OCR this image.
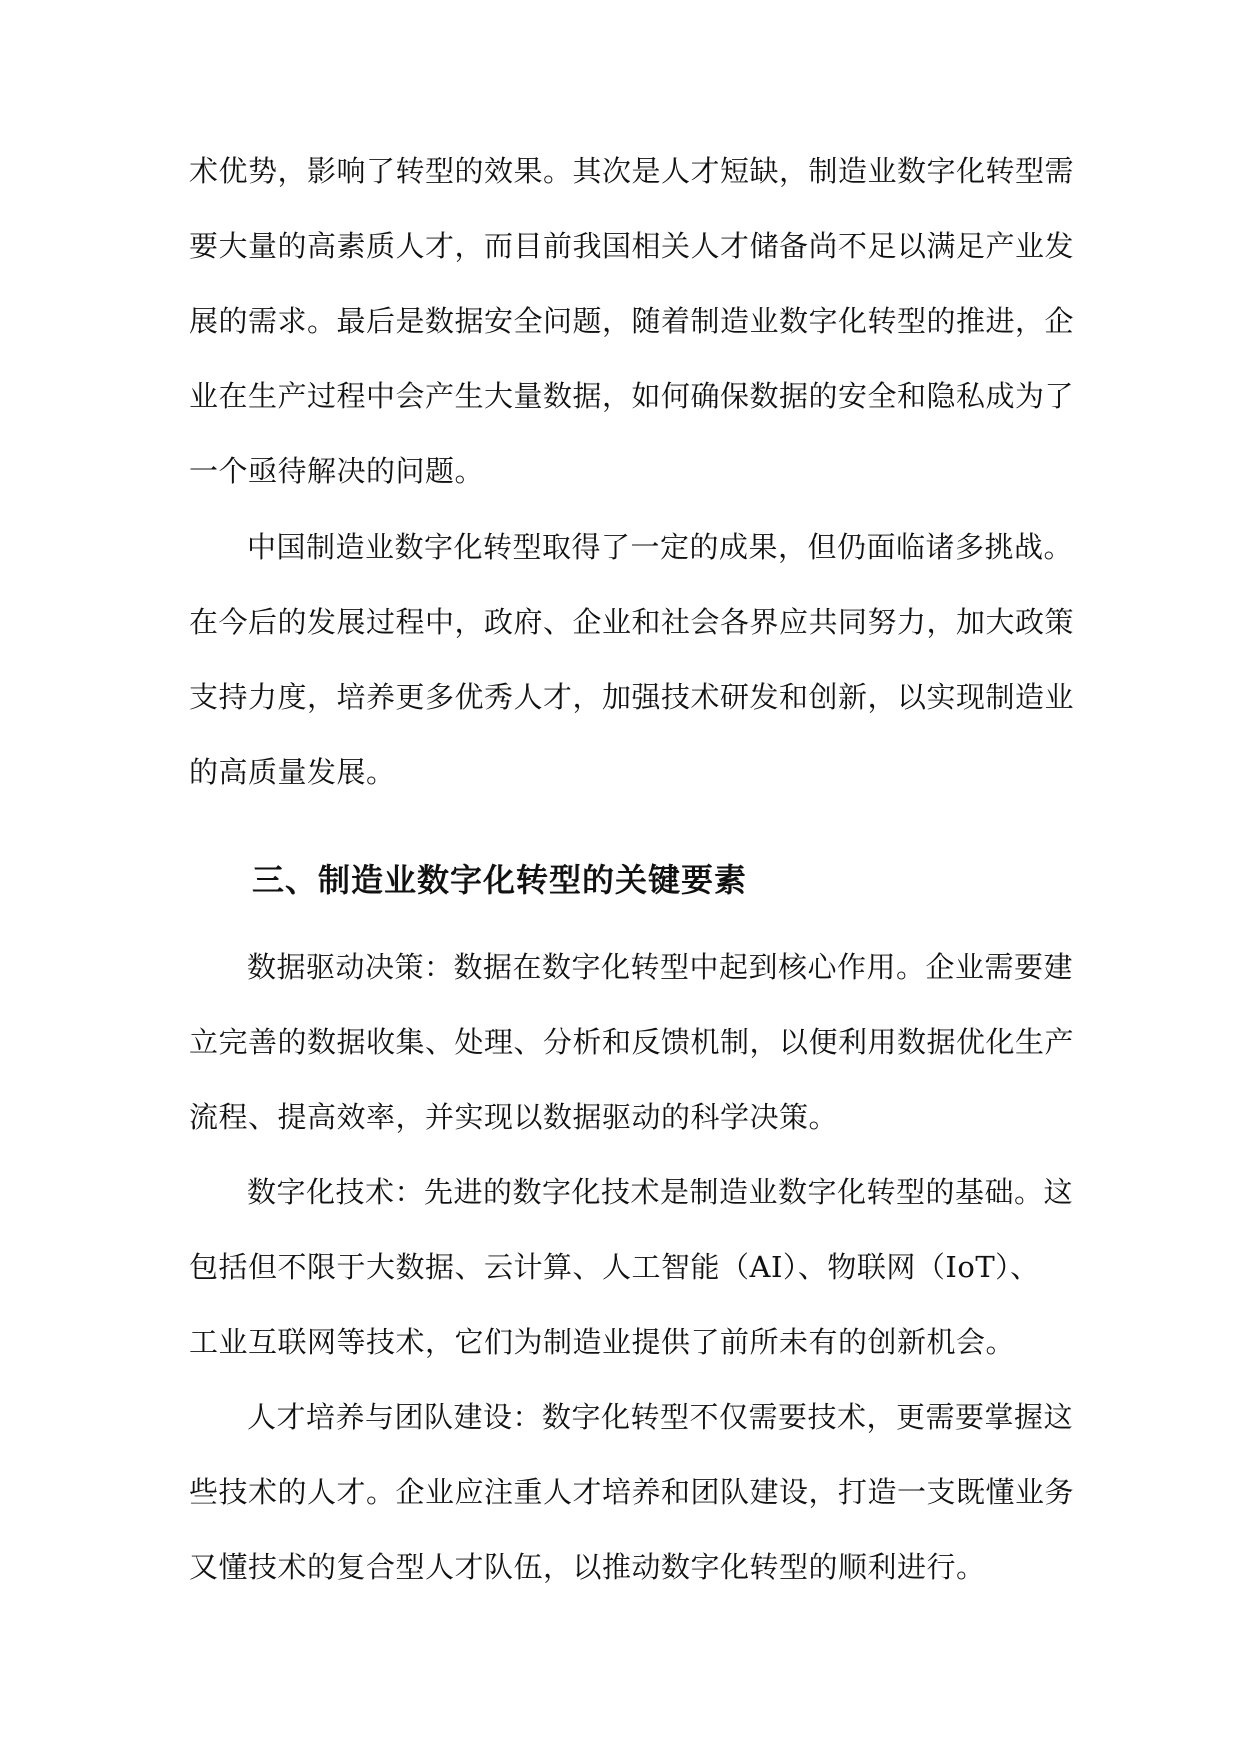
术优势，影响了转型的效果。其次是人才短缺，制造业数字化转型需
要大量的高素质人才，而目前我国相关人才储备尚不足以满足产业发
展的需求。最后是数据安全问题，随着制造业数字化转型的推进，企
业在生产过程中会产生大量数据，如何确保数据的安全和隐私成为了
一个亟待解决的问题。
中国制造业数字化转型取得了一定的成果，但仍面临诸多挑战。
在今后的发展过程中，政府、企业和社会各界应共同努力，加大政策
支持力度，培养更多优秀人才，加强技术研发和创新，以实现制造业
的高质量发展。
三、制造业数字化转型的关键要素
数据驱动决策：数据在数字化转型中起到核心作用。企业需要建
立完善的数据收集、处理、分析和反馈机制，以便利用数据优化生产
流程、提高效率，并实现以数据驱动的科学决策。
数字化技术：先进的数字化技术是制造业数字化转型的基础。这
包括但不限于大数据、云计算、人工智能（AI）、物联网（IoT）、
工业互联网等技术，它们为制造业提供了前所未有的创新机会。
人才培养与团队建设：数字化转型不仅需要技术，更需要掌握这
些技术的人才。企业应注重人才培养和团队建设，打造一支既懂业务
又懂技术的复合型人才队伍，以推动数字化转型的顺利进行。
